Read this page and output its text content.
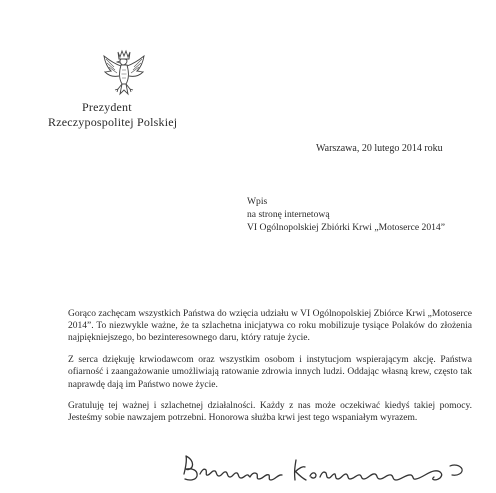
Prezydent
Rzeczypospolitej Polskiej
Warszawa, 20 lutego 2014 roku
Wpis
na stronę internetową
VI Ogólnopolskiej Zbiórki Krwi „Motoserce 2014”

Gorąco zachęcam wszystkich Państwa do wzięcia udziału w VI Ogólnopolskiej Zbiórce Krwi „Motoserce 2014”. To niezwykle ważne, że ta szlachetna inicjatywa co roku mobilizuje tysiące Polaków do złożenia najpiękniejszego, bo bezinteresownego daru, który ratuje życie.

Z serca dziękuję krwiodawcom oraz wszystkim osobom i instytucjom wspierającym akcję. Państwa ofiarność i zaangażowanie umożliwiają ratowanie zdrowia innych ludzi. Oddając własną krew, często tak naprawdę dają im Państwo nowe życie.

Gratuluję tej ważnej i szlachetnej działalności. Każdy z nas może oczekiwać kiedyś takiej pomocy. Jesteśmy sobie nawzajem potrzebni. Honorowa służba krwi jest tego wspaniałym wyrazem.
